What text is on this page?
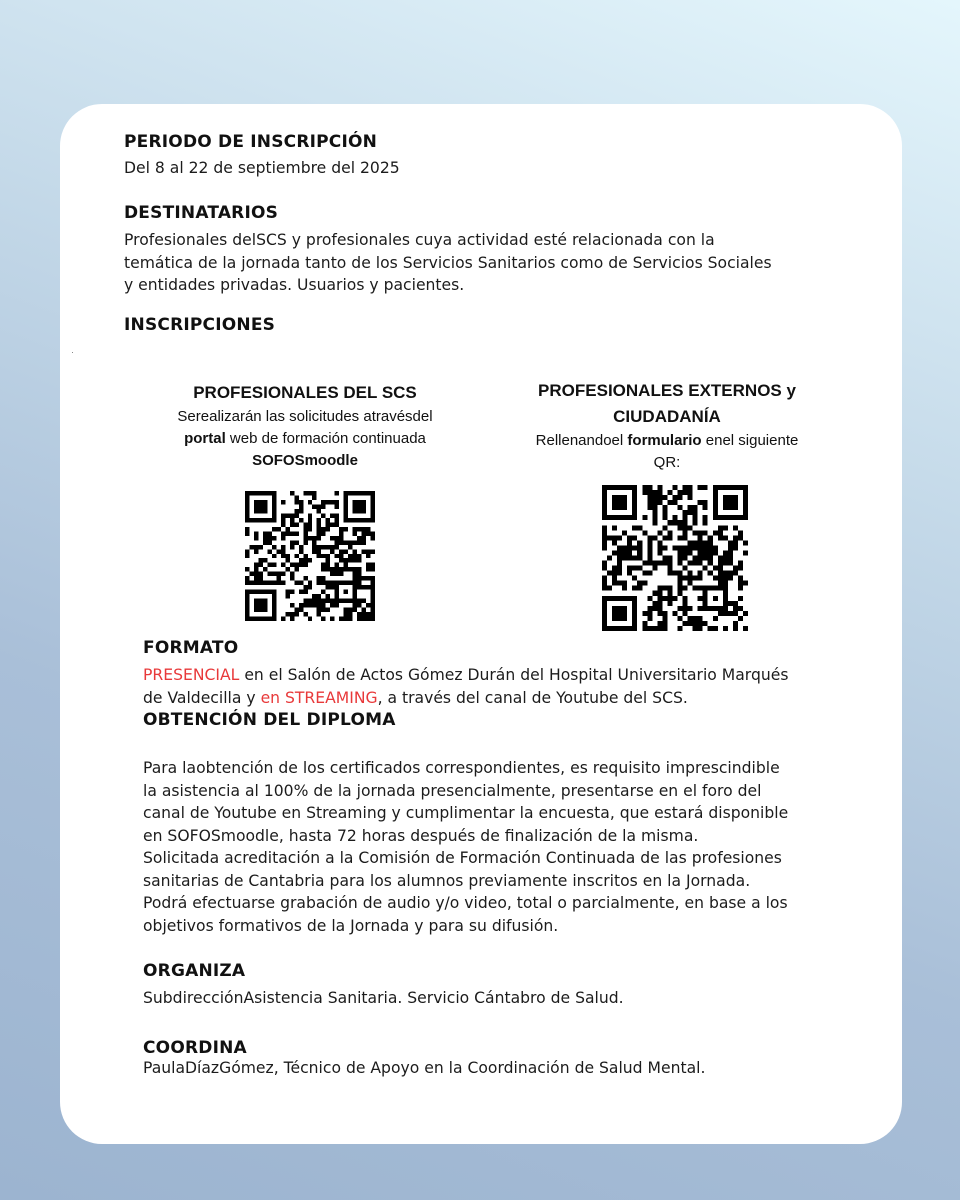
PERIODO DE INSCRIPCIÓN

Del 8 al 22 de septiembre del 2025

DESTINATARIOS

Profesionales delSCS y profesionales cuya actividad esté relacionada con la

temática de la jornada tanto de los Servicios Sanitarios como de Servicios Sociales

y entidades privadas. Usuarios y pacientes.

INSCRIPCIONES

PROFESIONALES DEL SCS

Serealizarán las solicitudes atravésdel

portal web de formación continuada

SOFOSmoodle

PROFESIONALES EXTERNOS y

CIUDADANÍA

Rellenandoel formulario enel siguiente

QR:

FORMATO

PRESENCIAL en el Salón de Actos Gómez Durán del Hospital Universitario Marqués

de Valdecilla y en STREAMING, a través del canal de Youtube del SCS.

OBTENCIÓN DEL DIPLOMA

Para laobtención de los certificados correspondientes, es requisito imprescindible

la asistencia al 100% de la jornada presencialmente, presentarse en el foro del

canal de Youtube en Streaming y cumplimentar la encuesta, que estará disponible

en SOFOSmoodle, hasta 72 horas después de finalización de la misma.

Solicitada acreditación a la Comisión de Formación Continuada de las profesiones

sanitarias de Cantabria para los alumnos previamente inscritos en la Jornada.

Podrá efectuarse grabación de audio y/o video, total o parcialmente, en base a los

objetivos formativos de la Jornada y para su difusión.

ORGANIZA

SubdirecciónAsistencia Sanitaria. Servicio Cántabro de Salud.

COORDINA

PaulaDíazGómez, Técnico de Apoyo en la Coordinación de Salud Mental.
